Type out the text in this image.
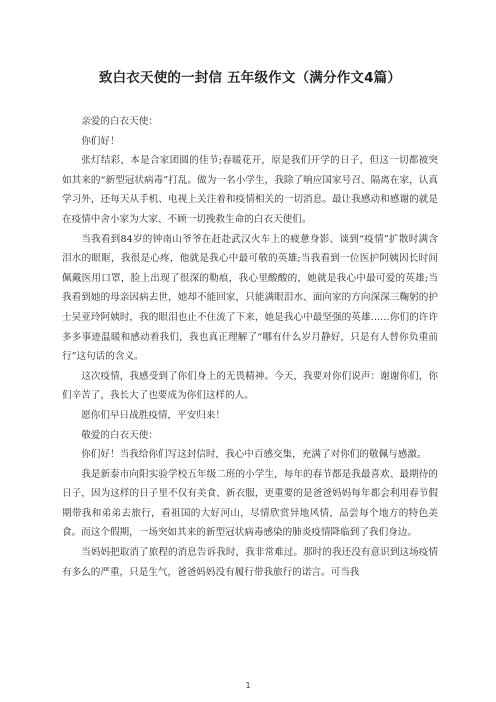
致白衣天使的一封信 五年级作文（满分作文4篇）

亲爱的白衣天使：

你们好！

张灯结彩，本是合家团圆的佳节;春暖花开，原是我们开学的日子，但这一切都被突如其来的“新型冠状病毒”打乱。做为一名小学生，我除了响应国家号召、隔离在家，认真学习外，还每天从手机、电视上关注着和疫情相关的一切消息。最让我感动和感谢的就是在疫情中舍小家为大家、不顾一切挽救生命的白衣天使们。

当我看到84岁的钟南山爷爷在赶赴武汉火车上的疲惫身影、谈到“疫情”扩散时满含泪水的眼眶，我很是心疼，他就是我心中最可敬的英雄;当我看到一位医护阿姨因长时间佩戴医用口罩，脸上出现了很深的勒痕，我心里酸酸的，她就是我心中最可爱的英雄;当我看到她的母亲因病去世，她却不能回家，只能满眼泪水、面向家的方向深深三鞠躬的护士吴亚玲阿姨时，我的眼泪也止不住流了下来，她是我心中最坚强的英雄……你们的许许多多事迹温暖和感动着我们，我也真正理解了“哪有什么岁月静好，只是有人替你负重前行”这句话的含义。

这次疫情，我感受到了你们身上的无畏精神。今天，我要对你们说声：谢谢你们，你们辛苦了，我长大了也要成为你们这样的人。

愿你们早日战胜疫情，平安归来！

敬爱的白衣天使：

你们好！当我给你们写这封信时，我心中百感交集，充满了对你们的敬佩与感激。

我是新泰市向阳实验学校五年级二班的小学生，每年的春节都是我最喜欢、最期待的日子，因为这样的日子里不仅有美食、新衣服，更重要的是爸爸妈妈每年都会利用春节假期带我和弟弟去旅行，看祖国的大好河山，尽情欣赏异地风情，品尝每个地方的特色美食。而这个假期，一场突如其来的新型冠状病毒感染的肺炎疫情降临到了我们身边。

当妈妈把取消了旅程的消息告诉我时，我非常难过。那时的我还没有意识到这场疫情有多么的严重，只是生气，爸爸妈妈没有履行带我旅行的诺言。可当我

1
